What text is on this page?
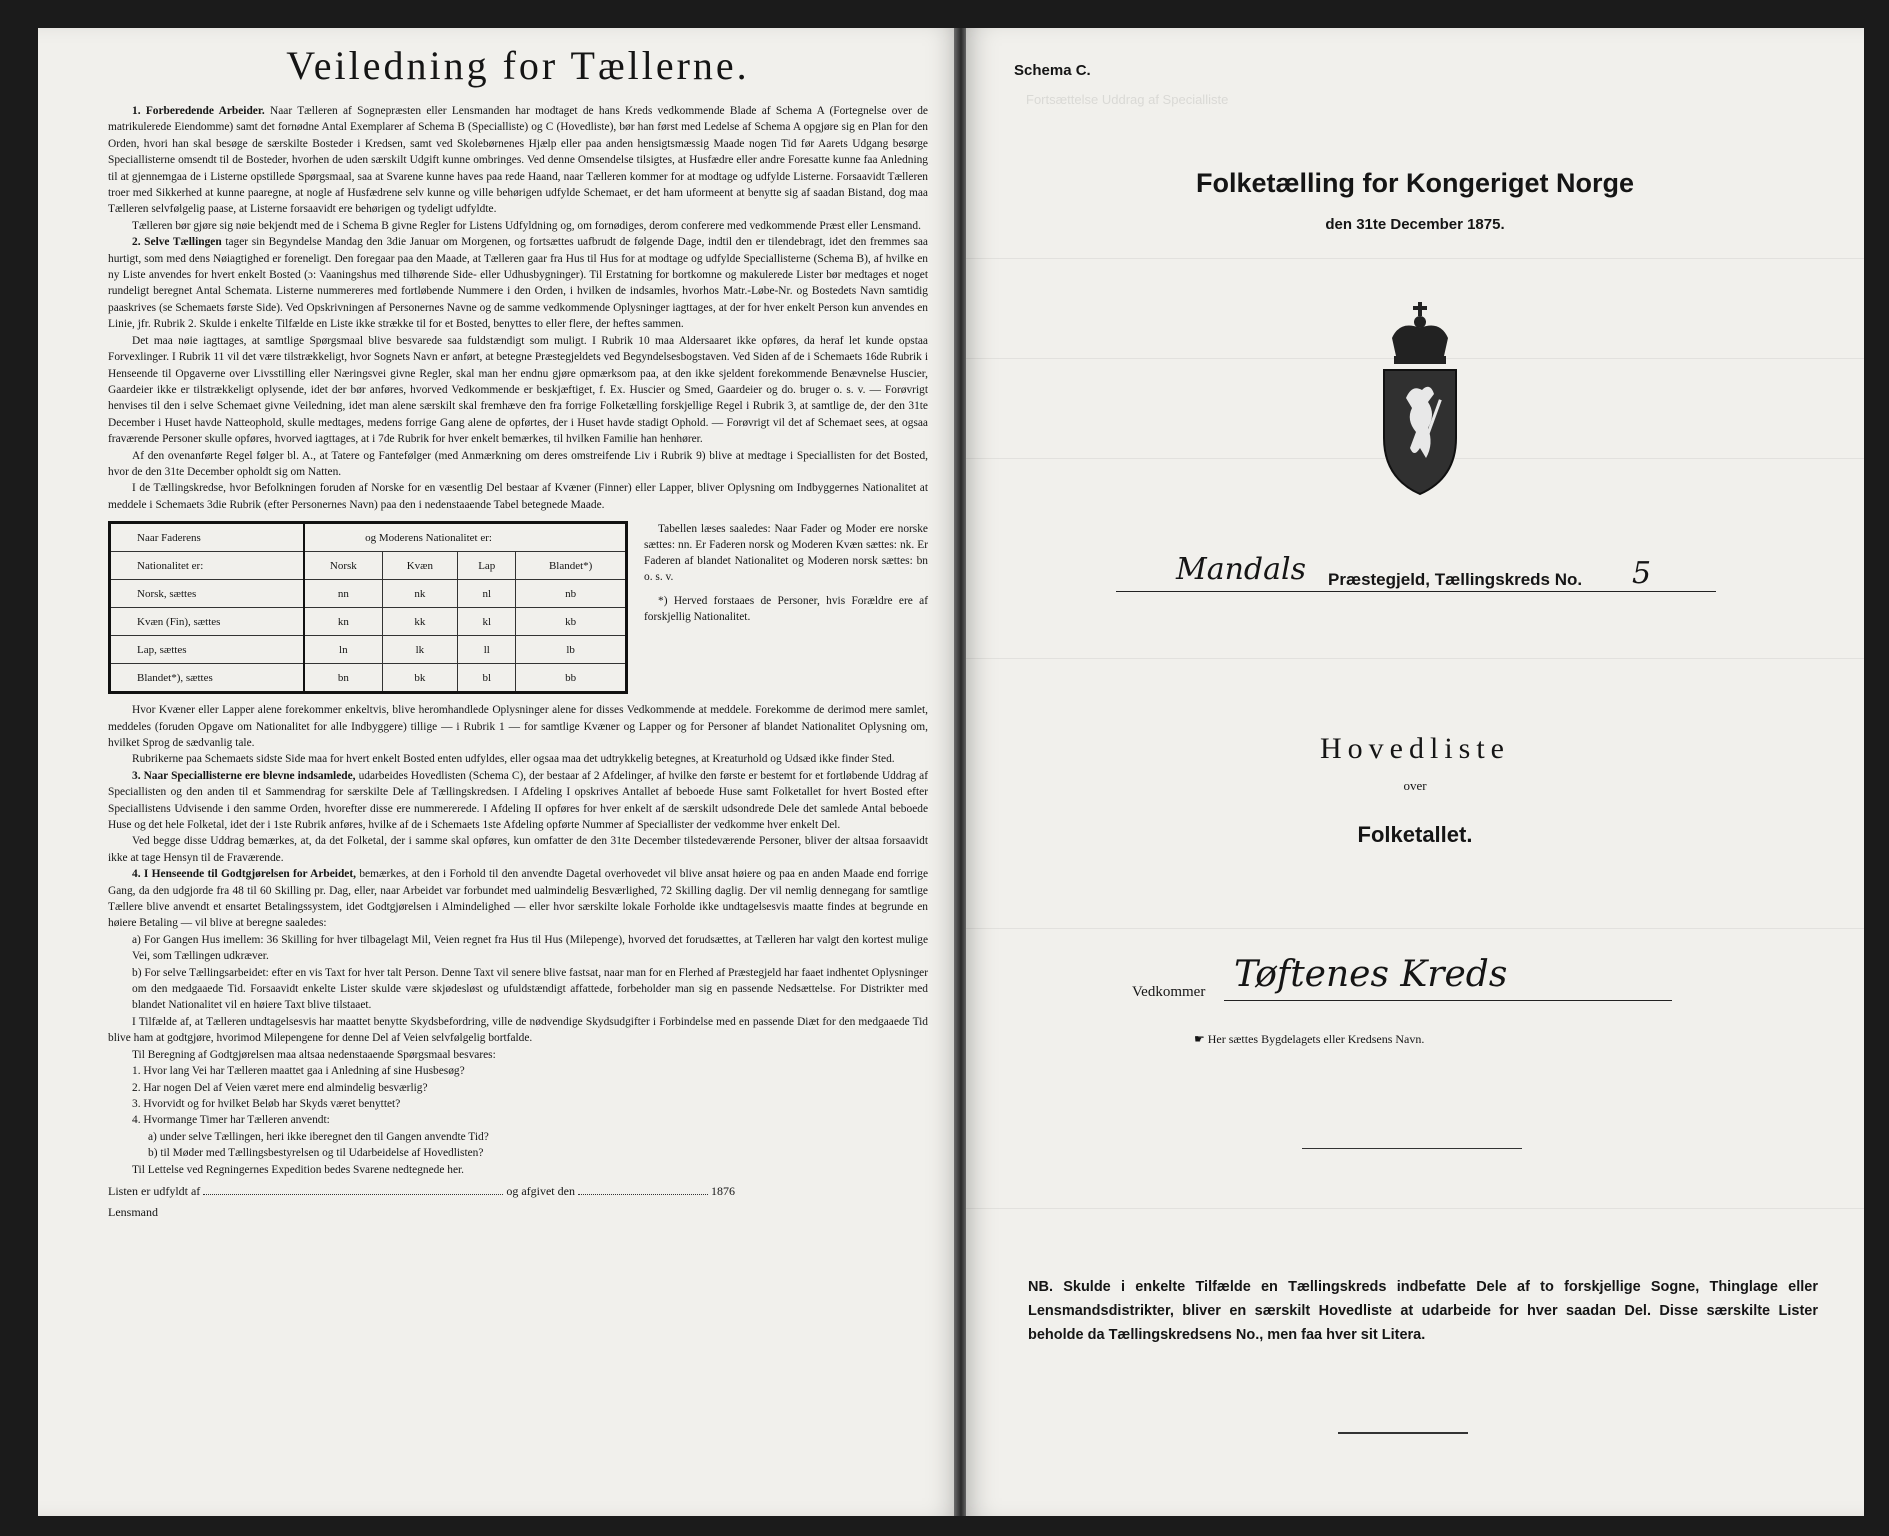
Veiledning for Tællerne.

1. Forberedende Arbeider. Naar Tælleren af Sognepræsten eller Lensmanden har modtaget de hans Kreds vedkommende Blade af Schema A (Fortegnelse over de matrikulerede Eiendomme) samt det fornødne Antal Exemplarer af Schema B (Specialliste) og C (Hovedliste), bør han først med Ledelse af Schema A opgjøre sig en Plan for den Orden, hvori han skal besøge de særskilte Bosteder i Kredsen, samt ved Skolebørnenes Hjælp eller paa anden hensigtsmæssig Maade nogen Tid før Aarets Udgang besørge Speciallisterne omsendt til de Bosteder, hvorhen de uden særskilt Udgift kunne ombringes. Ved denne Omsendelse tilsigtes, at Husfædre eller andre Foresatte kunne faa Anledning til at gjennemgaa de i Listerne opstillede Spørgsmaal, saa at Svarene kunne haves paa rede Haand, naar Tælleren kommer for at modtage og udfylde Listerne. Forsaavidt Tælleren troer med Sikkerhed at kunne paaregne, at nogle af Husfædrene selv kunne og ville behørigen udfylde Schemaet, er det ham uformeent at benytte sig af saadan Bistand, dog maa Tælleren selvfølgelig paase, at Listerne forsaavidt ere behørigen og tydeligt udfyldte.

Tælleren bør gjøre sig nøie bekjendt med de i Schema B givne Regler for Listens Udfyldning og, om fornødiges, derom conferere med vedkommende Præst eller Lensmand.

2. Selve Tællingen tager sin Begyndelse Mandag den 3die Januar om Morgenen, og fortsættes uafbrudt de følgende Dage, indtil den er tilendebragt, idet den fremmes saa hurtigt, som med dens Nøiagtighed er foreneligt. Den foregaar paa den Maade, at Tælleren gaar fra Hus til Hus for at modtage og udfylde Speciallisterne (Schema B), af hvilke en ny Liste anvendes for hvert enkelt Bosted (ɔ: Vaaningshus med tilhørende Side- eller Udhusbygninger). Til Erstatning for bortkomne og makulerede Lister bør medtages et noget rundeligt beregnet Antal Schemata. Listerne nummereres med fortløbende Nummere i den Orden, i hvilken de indsamles, hvorhos Matr.-Løbe-Nr. og Bostedets Navn samtidig paaskrives (se Schemaets første Side). Ved Opskrivningen af Personernes Navne og de samme vedkommende Oplysninger iagttages, at der for hver enkelt Person kun anvendes en Linie, jfr. Rubrik 2. Skulde i enkelte Tilfælde en Liste ikke strække til for et Bosted, benyttes to eller flere, der heftes sammen.

Det maa nøie iagttages, at samtlige Spørgsmaal blive besvarede saa fuldstændigt som muligt. I Rubrik 10 maa Aldersaaret ikke opføres, da heraf let kunde opstaa Forvexlinger. I Rubrik 11 vil det være tilstrækkeligt, hvor Sognets Navn er anført, at betegne Præstegjeldets ved Begyndelsesbogstaven. Ved Siden af de i Schemaets 16de Rubrik i Henseende til Opgaverne over Livsstilling eller Næringsvei givne Regler, skal man her endnu gjøre opmærksom paa, at den ikke sjeldent forekommende Benævnelse Huscier, Gaardeier ikke er tilstrækkeligt oplysende, idet der bør anføres, hvorved Vedkommende er beskjæftiget, f. Ex. Huscier og Smed, Gaardeier og do. bruger o. s. v. — Forøvrigt henvises til den i selve Schemaet givne Veiledning, idet man alene særskilt skal fremhæve den fra forrige Folketælling forskjellige Regel i Rubrik 3, at samtlige de, der den 31te December i Huset havde Natteophold, skulle medtages, medens forrige Gang alene de opførtes, der i Huset havde stadigt Ophold. — Forøvrigt vil det af Schemaet sees, at ogsaa fraværende Personer skulle opføres, hvorved iagttages, at i 7de Rubrik for hver enkelt bemærkes, til hvilken Familie han henhører.

Af den ovenanførte Regel følger bl. A., at Tatere og Fantefølger (med Anmærkning om deres omstreifende Liv i Rubrik 9) blive at medtage i Speciallisten for det Bosted, hvor de den 31te December opholdt sig om Natten.

I de Tællingskredse, hvor Befolkningen foruden af Norske for en væsentlig Del bestaar af Kvæner (Finner) eller Lapper, bliver Oplysning om Indbyggernes Nationalitet at meddele i Schemaets 3die Rubrik (efter Personernes Navn) paa den i nedenstaaende Tabel betegnede Maade.

Naar Faderens	og Moderens Nationalitet er:			
Nationalitet er:	Norsk	Kvæn	Lap	Blandet*)
Norsk, sættes	nn	nk	nl	nb
Kvæn (Fin), sættes	kn	kk	kl	kb
Lap, sættes	ln	lk	ll	lb
Blandet*), sættes	bn	bk	bl	bb

Tabellen læses saaledes: Naar Fader og Moder ere norske sættes: nn. Er Faderen norsk og Moderen Kvæn sættes: nk. Er Faderen af blandet Nationalitet og Moderen norsk sættes: bn o. s. v.

*) Herved forstaaes de Personer, hvis Forældre ere af forskjellig Nationalitet.

Hvor Kvæner eller Lapper alene forekommer enkeltvis, blive heromhandlede Oplysninger alene for disses Vedkommende at meddele. Forekomme de derimod mere samlet, meddeles (foruden Opgave om Nationalitet for alle Indbyggere) tillige — i Rubrik 1 — for samtlige Kvæner og Lapper og for Personer af blandet Nationalitet Oplysning om, hvilket Sprog de sædvanlig tale.

Rubrikerne paa Schemaets sidste Side maa for hvert enkelt Bosted enten udfyldes, eller ogsaa maa det udtrykkelig betegnes, at Kreaturhold og Udsæd ikke finder Sted.

3. Naar Speciallisterne ere blevne indsamlede, udarbeides Hovedlisten (Schema C), der bestaar af 2 Afdelinger, af hvilke den første er bestemt for et fortløbende Uddrag af Speciallisten og den anden til et Sammendrag for særskilte Dele af Tællingskredsen. I Afdeling I opskrives Antallet af beboede Huse samt Folketallet for hvert Bosted efter Speciallistens Udvisende i den samme Orden, hvorefter disse ere nummererede. I Afdeling II opføres for hver enkelt af de særskilt udsondrede Dele det samlede Antal beboede Huse og det hele Folketal, idet der i 1ste Rubrik anføres, hvilke af de i Schemaets 1ste Afdeling opførte Nummer af Speciallister der vedkomme hver enkelt Del.

Ved begge disse Uddrag bemærkes, at, da det Folketal, der i samme skal opføres, kun omfatter de den 31te December tilstedeværende Personer, bliver der altsaa forsaavidt ikke at tage Hensyn til de Fraværende.

4. I Henseende til Godtgjørelsen for Arbeidet, bemærkes, at den i Forhold til den anvendte Dagetal overhovedet vil blive ansat høiere og paa en anden Maade end forrige Gang, da den udgjorde fra 48 til 60 Skilling pr. Dag, eller, naar Arbeidet var forbundet med ualmindelig Besværlighed, 72 Skilling daglig. Der vil nemlig dennegang for samtlige Tællere blive anvendt et ensartet Betalingssystem, idet Godtgjørelsen i Almindelighed — eller hvor særskilte lokale Forholde ikke undtagelsesvis maatte findes at begrunde en høiere Betaling — vil blive at beregne saaledes:

a) For Gangen Hus imellem: 36 Skilling for hver tilbagelagt Mil, Veien regnet fra Hus til Hus (Milepenge), hvorved det forudsættes, at Tælleren har valgt den kortest mulige Vei, som Tællingen udkræver.

b) For selve Tællingsarbeidet: efter en vis Taxt for hver talt Person. Denne Taxt vil senere blive fastsat, naar man for en Flerhed af Præstegjeld har faaet indhentet Oplysninger om den medgaaede Tid. Forsaavidt enkelte Lister skulde være skjødesløst og ufuldstændigt affattede, forbeholder man sig en passende Nedsættelse. For Distrikter med blandet Nationalitet vil en høiere Taxt blive tilstaaet.

I Tilfælde af, at Tælleren undtagelsesvis har maattet benytte Skydsbefordring, ville de nødvendige Skydsudgifter i Forbindelse med en passende Diæt for den medgaaede Tid blive ham at godtgjøre, hvorimod Milepengene for denne Del af Veien selvfølgelig bortfalde.

Til Beregning af Godtgjørelsen maa altsaa nedenstaaende Spørgsmaal besvares:

1. Hvor lang Vei har Tælleren maattet gaa i Anledning af sine Husbesøg?

2. Har nogen Del af Veien været mere end almindelig besværlig?

3. Hvorvidt og for hvilket Beløb har Skyds været benyttet?

4. Hvormange Timer har Tælleren anvendt:

a) under selve Tællingen, heri ikke iberegnet den til Gangen anvendte Tid?

b) til Møder med Tællingsbestyrelsen og til Udarbeidelse af Hovedlisten?

Til Lettelse ved Regningernes Expedition bedes Svarene nedtegnede her.

Listen er udfyldt af	og afgivet den	1876
Lensmand
Fortsættelse Uddrag af Specialliste
Schema C.
Folketælling for Kongeriget Norge
den 31te December 1875.
Mandals Præstegjeld, Tællingskreds No. 5
Hovedliste
over
Folketallet.
Vedkommer Tøftenes Kreds
☛ Her sættes Bygdelagets eller Kredsens Navn.

NB. Skulde i enkelte Tilfælde en Tællingskreds indbefatte Dele af to forskjellige Sogne, Thinglage eller Lensmandsdistrikter, bliver en særskilt Hovedliste at udarbeide for hver saadan Del. Disse særskilte Lister beholde da Tællingskredsens No., men faa hver sit Litera.
